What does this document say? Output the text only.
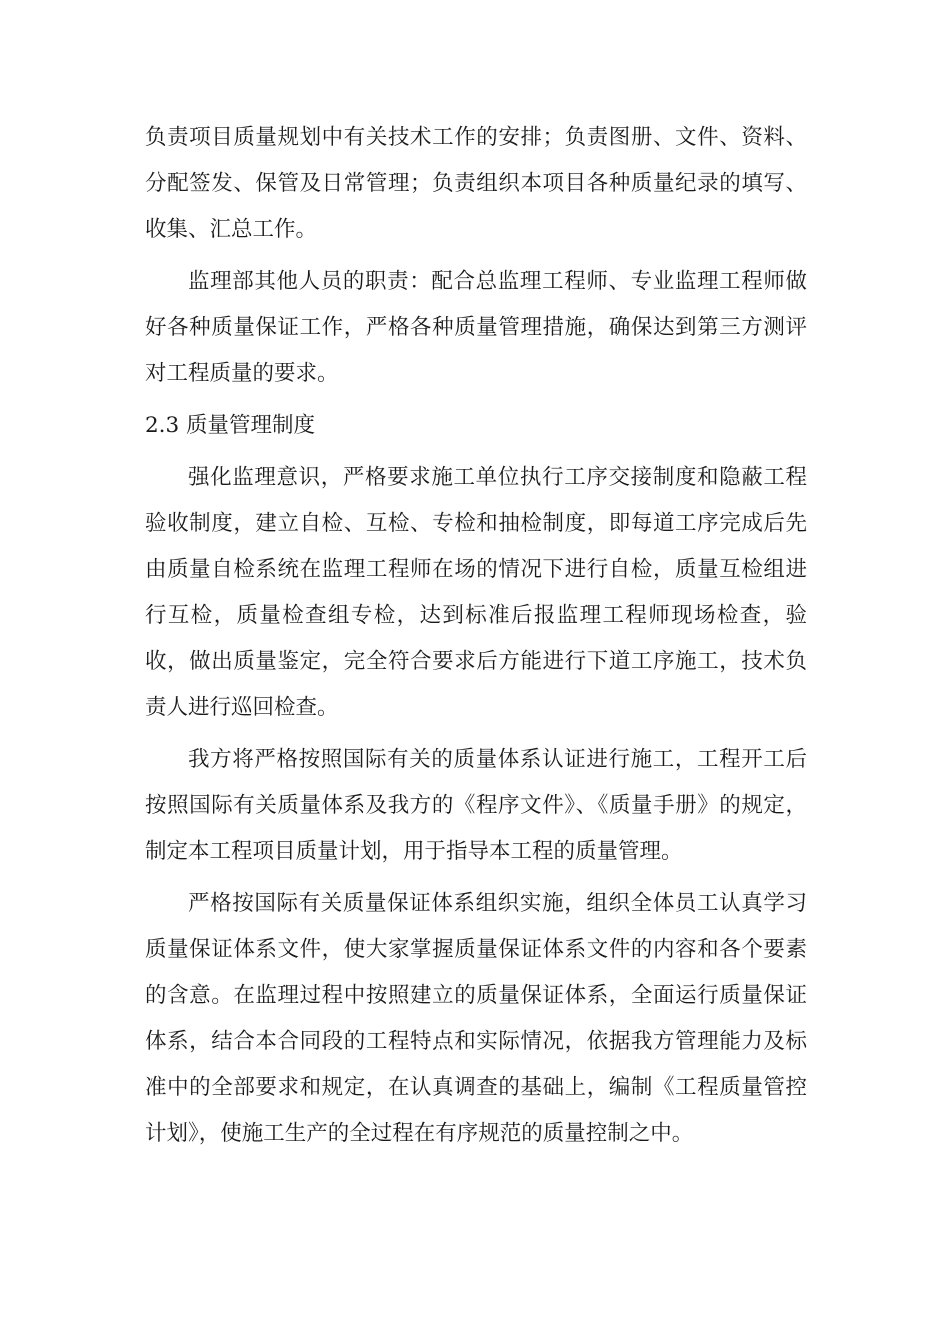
负责项目质量规划中有关技术工作的安排；负责图册、文件、资料、分配签发、保管及日常管理；负责组织本项目各种质量纪录的填写、收集、汇总工作。

监理部其他人员的职责：配合总监理工程师、专业监理工程师做好各种质量保证工作，严格各种质量管理措施，确保达到第三方测评对工程质量的要求。

2.3 质量管理制度

强化监理意识，严格要求施工单位执行工序交接制度和隐蔽工程验收制度，建立自检、互检、专检和抽检制度，即每道工序完成后先由质量自检系统在监理工程师在场的情况下进行自检，质量互检组进行互检，质量检查组专检，达到标准后报监理工程师现场检查，验收，做出质量鉴定，完全符合要求后方能进行下道工序施工，技术负责人进行巡回检查。

我方将严格按照国际有关的质量体系认证进行施工，工程开工后按照国际有关质量体系及我方的《程序文件》、《质量手册》的规定，制定本工程项目质量计划，用于指导本工程的质量管理。

严格按国际有关质量保证体系组织实施，组织全体员工认真学习质量保证体系文件，使大家掌握质量保证体系文件的内容和各个要素的含意。在监理过程中按照建立的质量保证体系，全面运行质量保证体系，结合本合同段的工程特点和实际情况，依据我方管理能力及标准中的全部要求和规定，在认真调查的基础上，编制《工程质量管控计划》，使施工生产的全过程在有序规范的质量控制之中。
